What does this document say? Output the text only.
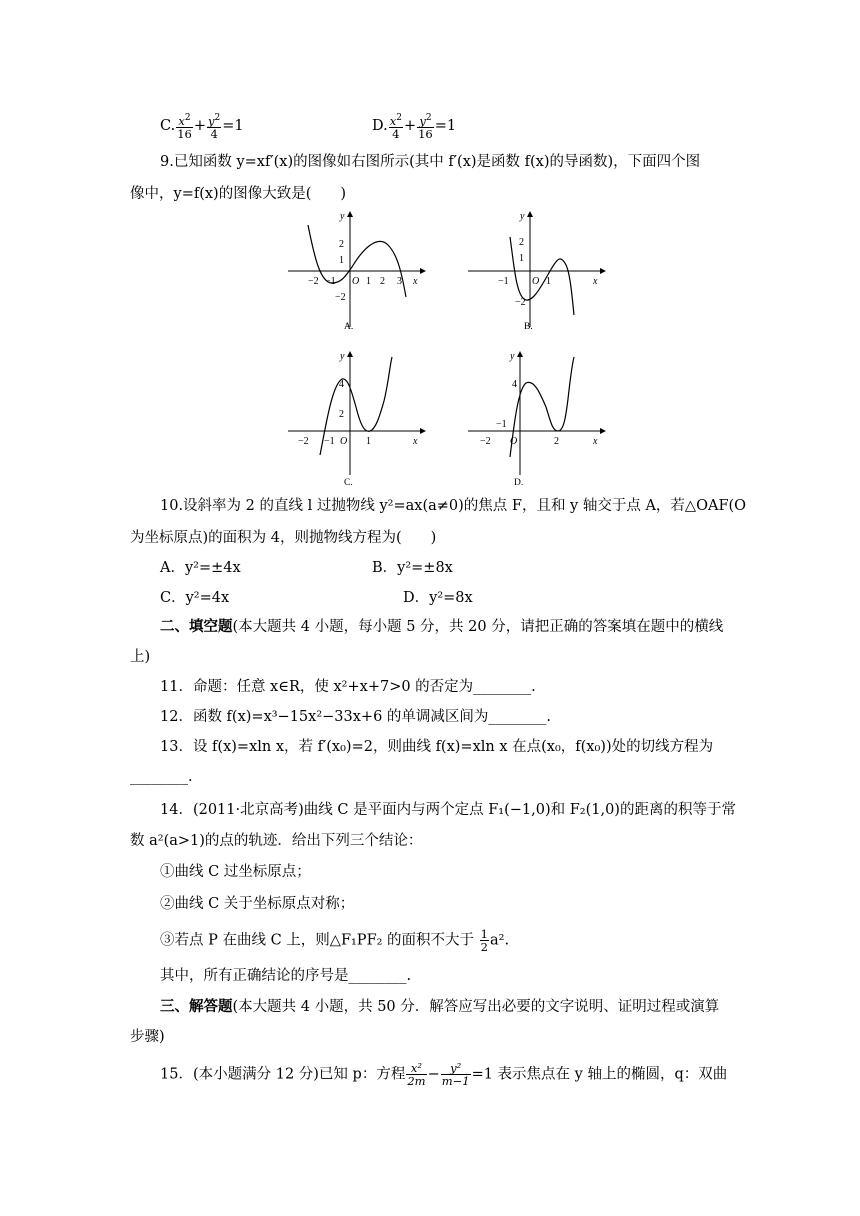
C. $\frac{x^2}{16} + \frac{y^2}{4} =1$	D. $\frac{x^2}{4} + \frac{y^2}{16} =1$
9.已知函数 y=xf′(x)的图像如右图所示(其中 f′(x)是函数 f(x)的导函数)，下面四个图
像中，y=f(x)的图像大致是(　　)
y
2
1
−2
−2 −1 O 1 2 3 x
A.
y
2
1
−2
−1 O 1	x
B.
y
4
2
−2 −1 O 1	x
C.
y
4
−1
−2 O	2	x
D.
10.设斜率为 2 的直线 l 过抛物线 y²=ax(a≠0)的焦点 F，且和 y 轴交于点 A，若△OAF(O
为坐标原点)的面积为 4，则抛物线方程为(　　)
A．y²=±4x	B．y²=±8x
C．y²=4x	D．y²=8x
二、填空题(本大题共 4 小题，每小题 5 分，共 20 分，请把正确的答案填在题中的横线
上)
11．命题：任意 x∈R，使 x²+x+7>0 的否定为________.
12．函数 f(x)=x³−15x²−33x+6 的单调减区间为________.
13．设 f(x)=xln x，若 f′(x₀)=2，则曲线 f(x)=xln x 在点(x₀，f(x₀))处的切线方程为
________.
14．(2011·北京高考)曲线 C 是平面内与两个定点 F₁(−1,0)和 F₂(1,0)的距离的积等于常
数 a²(a>1)的点的轨迹．给出下列三个结论：
①曲线 C 过坐标原点；
②曲线 C 关于坐标原点对称；
③若点 P 在曲线 C 上，则△F₁PF₂ 的面积不大于 $\frac{1}{2} a^2$.
其中，所有正确结论的序号是________.
三、解答题(本大题共 4 小题，共 50 分．解答应写出必要的文字说明、证明过程或演算
步骤)
15．(本小题满分 12 分)已知 p：方程 $\frac{\text{x²}}{2m} - \frac{\text{y²}}{m-1} =1$ 表示焦点在 y 轴上的椭圆，q：双曲
